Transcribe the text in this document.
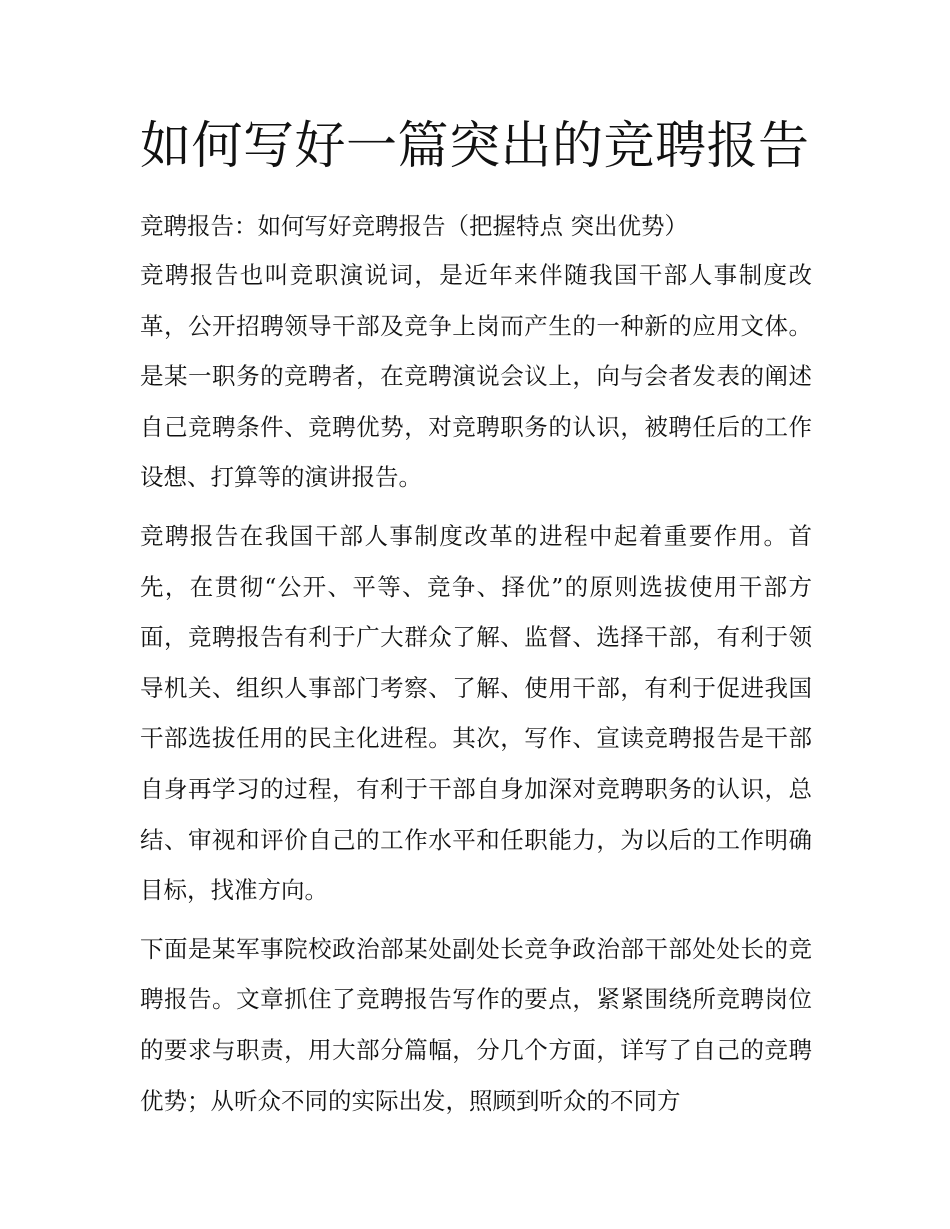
如何写好一篇突出的竞聘报告

竞聘报告：如何写好竞聘报告（把握特点 突出优势）

竞聘报告也叫竞职演说词，是近年来伴随我国干部人事制度改革，公开招聘领导干部及竞争上岗而产生的一种新的应用文体。是某一职务的竞聘者，在竞聘演说会议上，向与会者发表的阐述自己竞聘条件、竞聘优势，对竞聘职务的认识，被聘任后的工作设想、打算等的演讲报告。

竞聘报告在我国干部人事制度改革的进程中起着重要作用。首先，在贯彻“公开、平等、竞争、择优”的原则选拔使用干部方面，竞聘报告有利于广大群众了解、监督、选择干部，有利于领导机关、组织人事部门考察、了解、使用干部，有利于促进我国干部选拔任用的民主化进程。其次，写作、宣读竞聘报告是干部自身再学习的过程，有利于干部自身加深对竞聘职务的认识，总结、审视和评价自己的工作水平和任职能力，为以后的工作明确目标，找准方向。

下面是某军事院校政治部某处副处长竞争政治部干部处处长的竞聘报告。文章抓住了竞聘报告写作的要点，紧紧围绕所竞聘岗位的要求与职责，用大部分篇幅，分几个方面，详写了自己的竞聘优势；从听众不同的实际出发，照顾到听众的不同方
